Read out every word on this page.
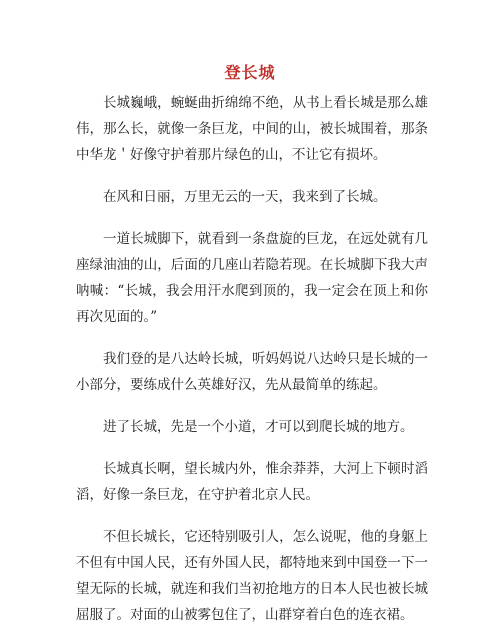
登长城

长城巍峨，蜿蜒曲折绵绵不绝，从书上看长城是那么雄伟，那么长，就像一条巨龙，中间的山，被长城围着，那条中华龙＇好像守护着那片绿色的山，不让它有损坏。

在风和日丽，万里无云的一天，我来到了长城。

一道长城脚下，就看到一条盘旋的巨龙，在远处就有几座绿油油的山，后面的几座山若隐若现。在长城脚下我大声呐喊：“长城，我会用汗水爬到顶的，我一定会在顶上和你再次见面的。”

我们登的是八达岭长城，听妈妈说八达岭只是长城的一小部分，要练成什么英雄好汉，先从最简单的练起。

进了长城，先是一个小道，才可以到爬长城的地方。

长城真长啊，望长城内外，惟余莽莽，大河上下顿时滔滔，好像一条巨龙，在守护着北京人民。

不但长城长，它还特别吸引人，怎么说呢，他的身躯上不但有中国人民，还有外国人民，都特地来到中国登一下一望无际的长城，就连和我们当初抢地方的日本人民也被长城屈服了。对面的山被雾包住了，山群穿着白色的连衣裙。
